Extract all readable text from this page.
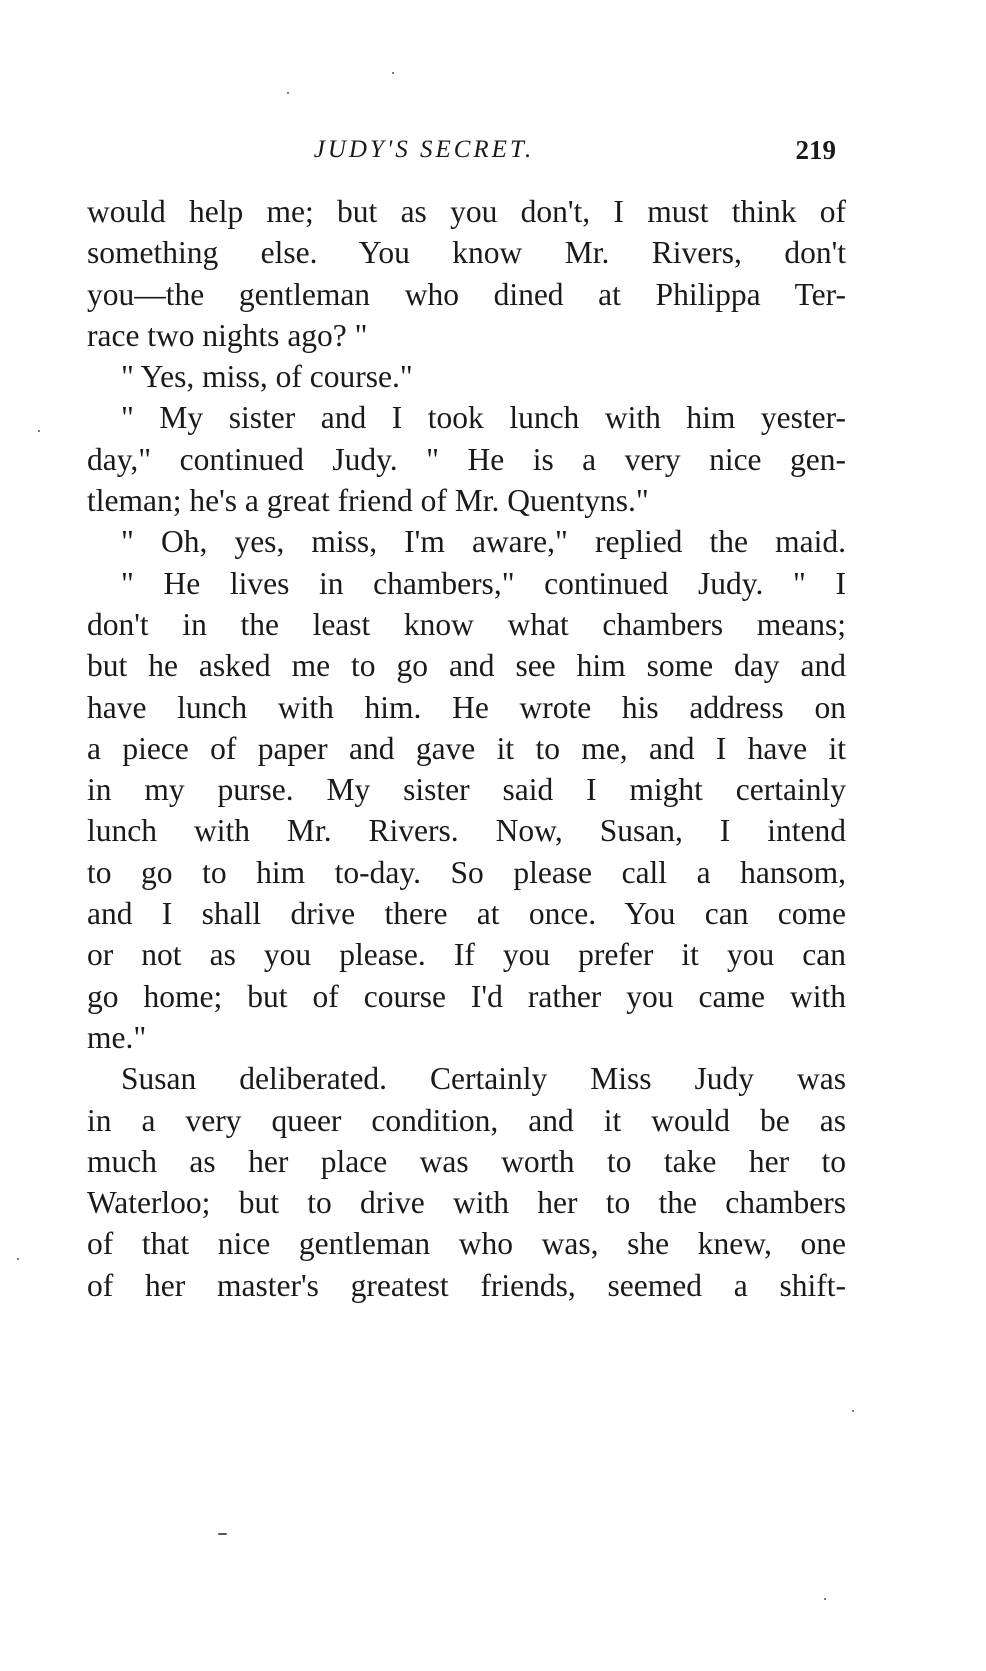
JUDY'S SECRET.	219
would help me; but as you don't, I must think of
something else. You know Mr. Rivers, don't
you—the gentleman who dined at Philippa Ter-
race two nights ago? "
" Yes, miss, of course."
" My sister and I took lunch with him yester-
day," continued Judy. " He is a very nice gen-
tleman; he's a great friend of Mr. Quentyns."
" Oh, yes, miss, I'm aware," replied the maid.
" He lives in chambers," continued Judy. " I
don't in the least know what chambers means;
but he asked me to go and see him some day and
have lunch with him. He wrote his address on
a piece of paper and gave it to me, and I have it
in my purse. My sister said I might certainly
lunch with Mr. Rivers. Now, Susan, I intend
to go to him to-day. So please call a hansom,
and I shall drive there at once. You can come
or not as you please. If you prefer it you can
go home; but of course I'd rather you came with
me."
Susan deliberated. Certainly Miss Judy was
in a very queer condition, and it would be as
much as her place was worth to take her to
Waterloo; but to drive with her to the chambers
of that nice gentleman who was, she knew, one
of her master's greatest friends, seemed a shift-
